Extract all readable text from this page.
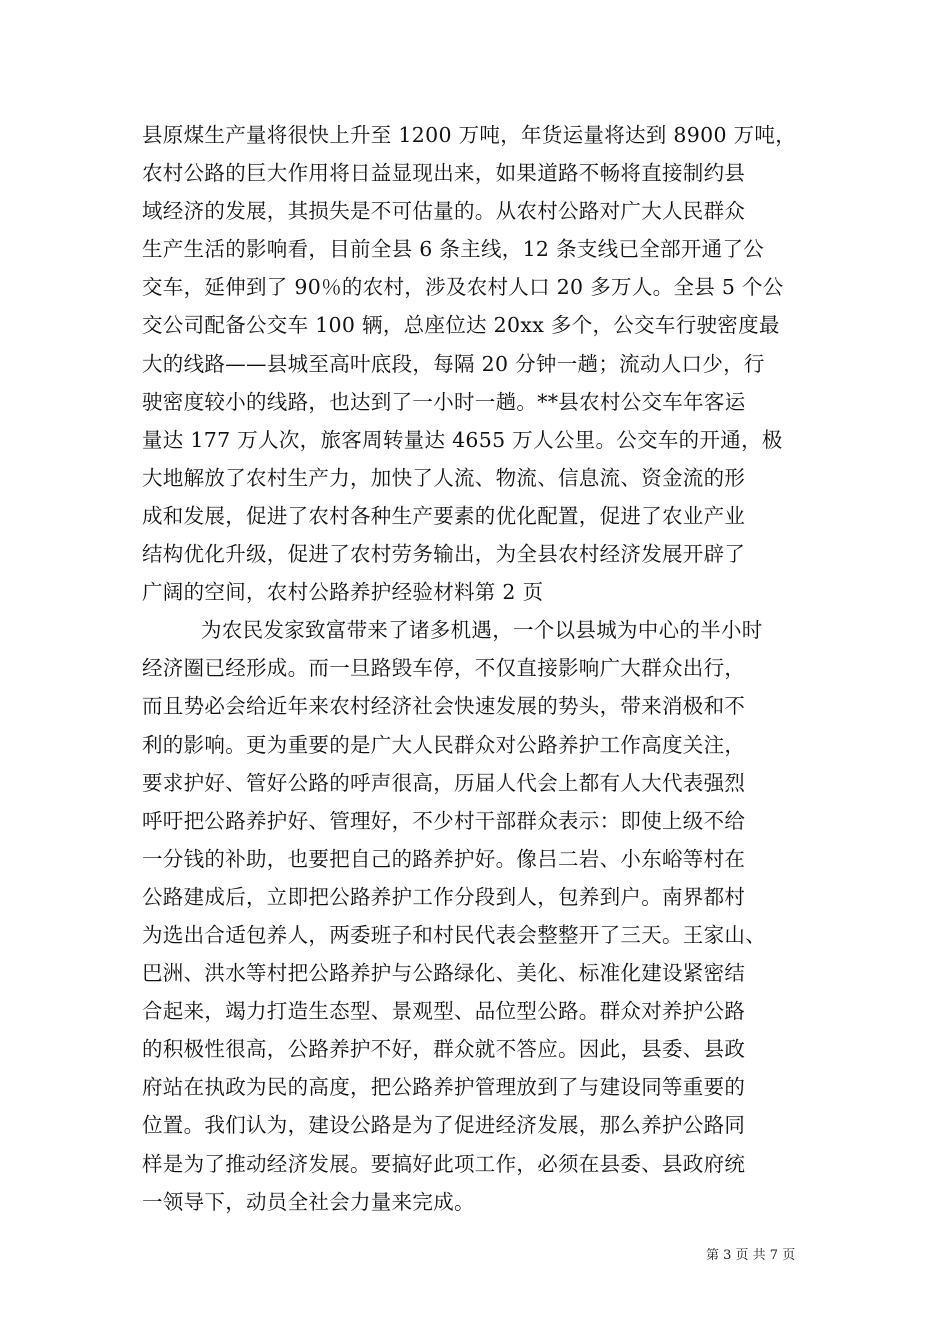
县原煤生产量将很快上升至 1200 万吨，年货运量将达到 8900 万吨，
农村公路的巨大作用将日益显现出来，如果道路不畅将直接制约县
域经济的发展，其损失是不可估量的。从农村公路对广大人民群众
生产生活的影响看，目前全县 6 条主线，12 条支线已全部开通了公
交车，延伸到了 90％的农村，涉及农村人口 20 多万人。全县 5 个公
交公司配备公交车 100 辆，总座位达 20xx 多个，公交车行驶密度最
大的线路——县城至高叶底段，每隔 20 分钟一趟；流动人口少，行
驶密度较小的线路，也达到了一小时一趟。**县农村公交车年客运
量达 177 万人次，旅客周转量达 4655 万人公里。公交车的开通，极
大地解放了农村生产力，加快了人流、物流、信息流、资金流的形
成和发展，促进了农村各种生产要素的优化配置，促进了农业产业
结构优化升级，促进了农村劳务输出，为全县农村经济发展开辟了
广阔的空间，农村公路养护经验材料第 2 页
为农民发家致富带来了诸多机遇，一个以县城为中心的半小时
经济圈已经形成。而一旦路毁车停，不仅直接影响广大群众出行，
而且势必会给近年来农村经济社会快速发展的势头，带来消极和不
利的影响。更为重要的是广大人民群众对公路养护工作高度关注，
要求护好、管好公路的呼声很高，历届人代会上都有人大代表强烈
呼吁把公路养护好、管理好，不少村干部群众表示：即使上级不给
一分钱的补助，也要把自己的路养护好。像吕二岩、小东峪等村在
公路建成后，立即把公路养护工作分段到人，包养到户。南界都村
为选出合适包养人，两委班子和村民代表会整整开了三天。王家山、
巴洲、洪水等村把公路养护与公路绿化、美化、标准化建设紧密结
合起来，竭力打造生态型、景观型、品位型公路。群众对养护公路
的积极性很高，公路养护不好，群众就不答应。因此，县委、县政
府站在执政为民的高度，把公路养护管理放到了与建设同等重要的
位置。我们认为，建设公路是为了促进经济发展，那么养护公路同
样是为了推动经济发展。要搞好此项工作，必须在县委、县政府统
一领导下，动员全社会力量来完成。
第 3 页 共 7 页
